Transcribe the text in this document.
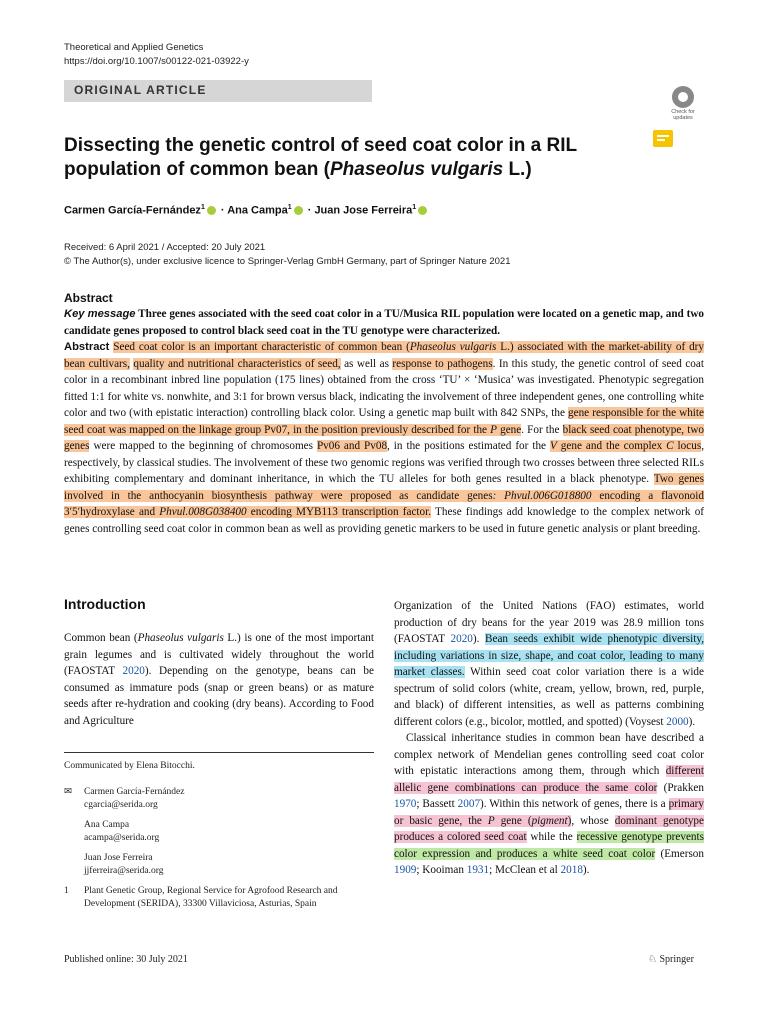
Theoretical and Applied Genetics
https://doi.org/10.1007/s00122-021-03922-y
ORIGINAL ARTICLE
Check for
updates
Dissecting the genetic control of seed coat color in a RIL population of common bean (Phaseolus vulgaris L.)
Carmen García-Fernández$^1$ · Ana Campa$^1$ · Juan Jose Ferreira$^1$
Received: 6 April 2021 / Accepted: 20 July 2021
© The Author(s), under exclusive licence to Springer-Verlag GmbH Germany, part of Springer Nature 2021
Abstract
Key message Three genes associated with the seed coat color in a TU/Musica RIL population were located on a genetic map, and two candidate genes proposed to control black seed coat in the TU genotype were characterized.
Abstract Seed coat color is an important characteristic of common bean (Phaseolus vulgaris L.) associated with the market-ability of dry bean cultivars, quality and nutritional characteristics of seed, as well as response to pathogens. In this study, the genetic control of seed coat color in a recombinant inbred line population (175 lines) obtained from the cross ‘TU’ × ‘Musica’ was investigated. Phenotypic segregation fitted 1:1 for white vs. nonwhite, and 3:1 for brown versus black, indicating the involvement of three independent genes, one controlling white color and two (with epistatic interaction) controlling black color. Using a genetic map built with 842 SNPs, the gene responsible for the white seed coat was mapped on the linkage group Pv07, in the position previously described for the P gene. For the black seed coat phenotype, two genes were mapped to the beginning of chromosomes Pv06 and Pv08, in the positions estimated for the V gene and the complex C locus, respectively, by classical studies. The involvement of these two genomic regions was verified through two crosses between three selected RILs exhibiting complementary and dominant inheritance, in which the TU alleles for both genes resulted in a black phenotype. Two genes involved in the anthocyanin biosynthesis pathway were proposed as candidate genes: Phvul.006G018800 encoding a flavonoid 3′5′hydroxylase and Phvul.008G038400 encoding MYB113 transcription factor. These findings add knowledge to the complex network of genes controlling seed coat color in common bean as well as providing genetic markers to be used in future genetic analysis or plant breeding.
Introduction
Common bean (Phaseolus vulgaris L.) is one of the most important grain legumes and is cultivated widely throughout the world (FAOSTAT 2020). Depending on the genotype, beans can be consumed as immature pods (snap or green beans) or as mature seeds after re-hydration and cooking (dry beans). According to Food and Agriculture

Organization of the United Nations (FAO) estimates, world production of dry beans for the year 2019 was 28.9 million tons (FAOSTAT 2020). Bean seeds exhibit wide phenotypic diversity, including variations in size, shape, and coat color, leading to many market classes. Within seed coat color variation there is a wide spectrum of solid colors (white, cream, yellow, brown, red, purple, and black) of different intensities, as well as patterns combining different colors (e.g., bicolor, mottled, and spotted) (Voysest 2000).

Classical inheritance studies in common bean have described a complex network of Mendelian genes controlling seed coat color with epistatic interactions among them, through which different allelic gene combinations can produce the same color (Prakken 1970; Bassett 2007). Within this network of genes, there is a primary or basic gene, the P gene (pigment), whose dominant genotype produces a colored seed coat while the recessive genotype prevents color expression and produces a white seed coat color (Emerson 1909; Kooiman 1931; McClean et al 2018).

Communicated by Elena Bitocchi.
✉	Carmen García-Fernández
cgarcia@serida.org
Ana Campa
acampa@serida.org
Juan Jose Ferreira
jjferreira@serida.org
1	Plant Genetic Group, Regional Service for Agrofood Research and Development (SERIDA), 33300 Villaviciosa, Asturias, Spain
Published online: 30 July 2021	♘ Springer
